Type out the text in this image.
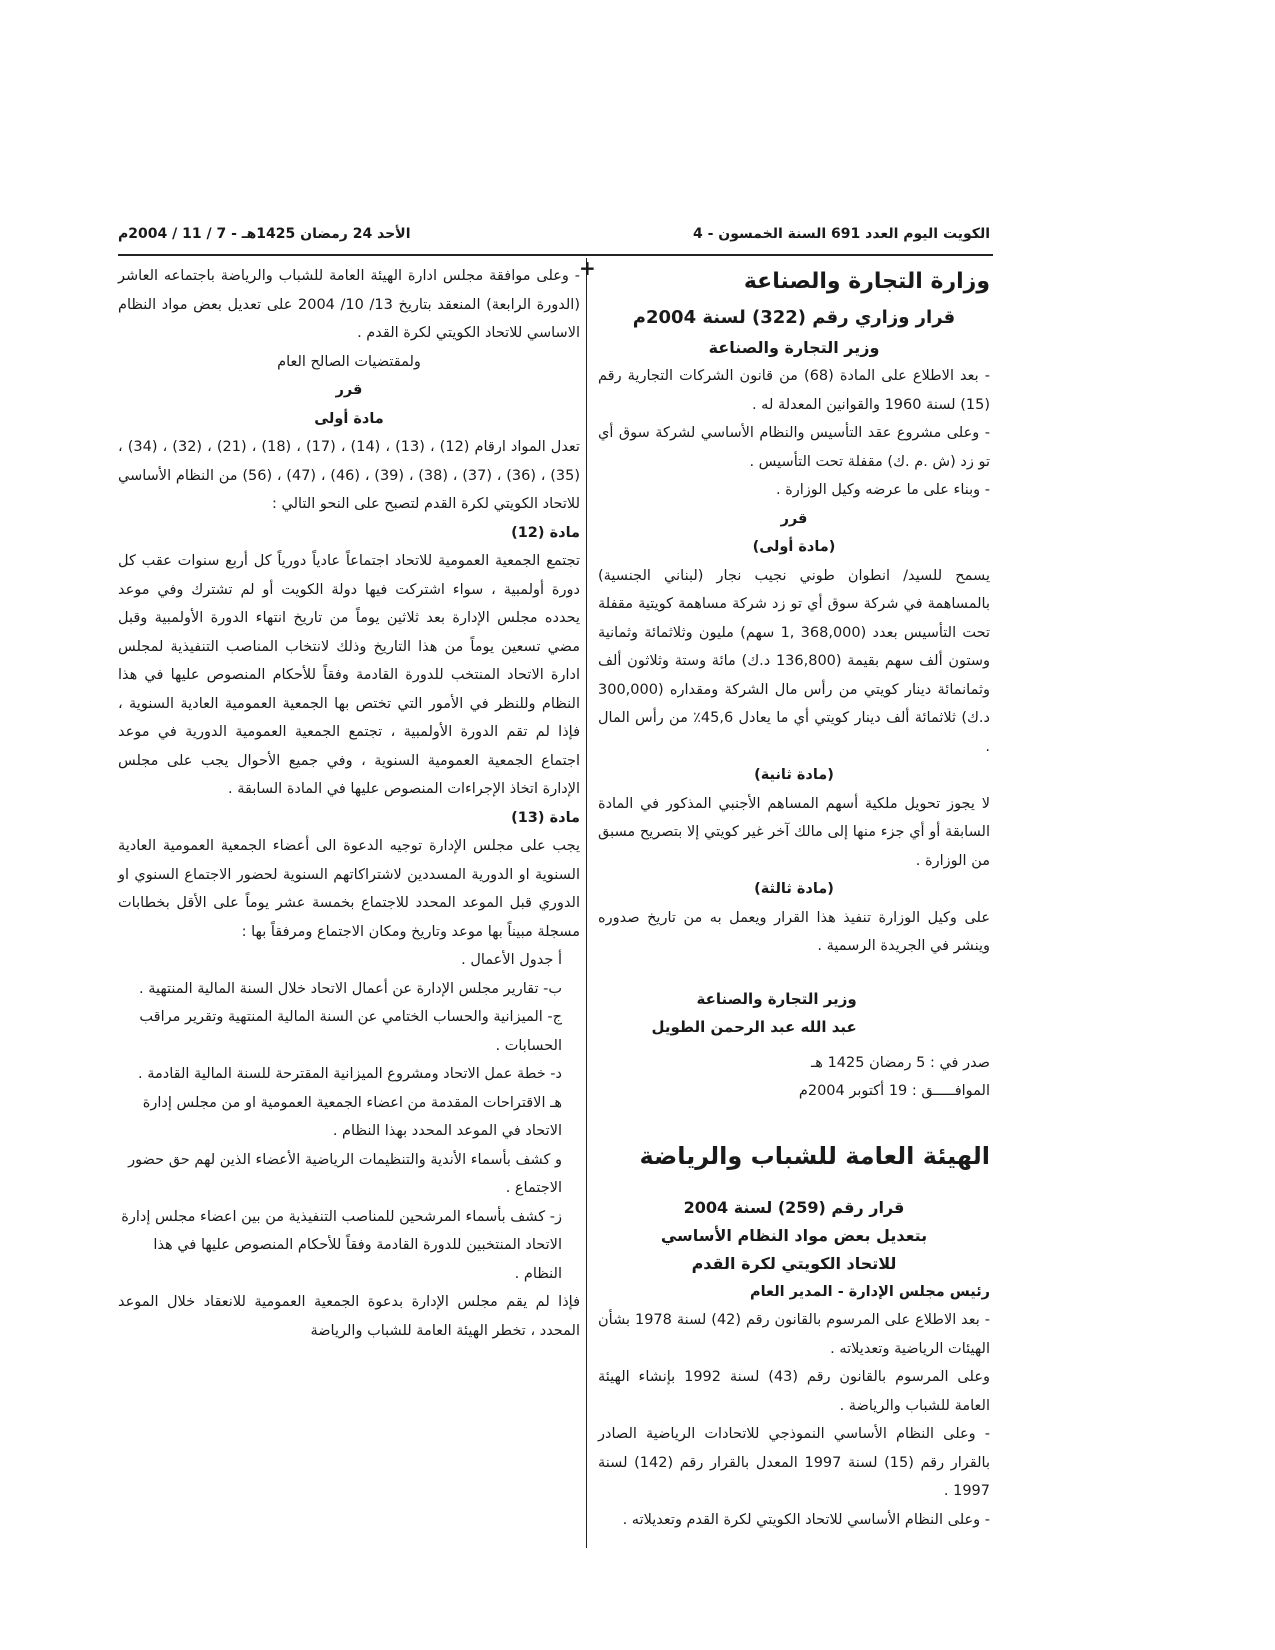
الأحد 24 رمضان 1425هـ - 7 / 11 / 2004م	الكويت اليوم العدد 691 السنة الخمسون - 4
+
وزارة التجارة والصناعة
قرار وزاري رقم (322) لسنة 2004م
وزير التجارة والصناعة

- بعد الاطلاع على المادة (68) من قانون الشركات التجارية رقم (15) لسنة 1960 والقوانين المعدلة له .

- وعلى مشروع عقد التأسيس والنظام الأساسي لشركة سوق أي تو زد (ش .م .ك) مقفلة تحت التأسيس .

- وبناء على ما عرضه وكيل الوزارة .

قرر
(مادة أولى)

يسمح للسيد/ انطوان طوني نجيب نجار (لبناني الجنسية) بالمساهمة في شركة سوق أي تو زد شركة مساهمة كويتية مقفلة تحت التأسيس بعدد (368,000 ,1 سهم) مليون وثلاثمائة وثمانية وستون ألف سهم بقيمة (136,800 د.ك) مائة وستة وثلاثون ألف وثمانمائة دينار كويتي من رأس مال الشركة ومقداره (300,000 د.ك) ثلاثمائة ألف دينار كويتي أي ما يعادل 45,6٪ من رأس المال .

(مادة ثانية)

لا يجوز تحويل ملكية أسهم المساهم الأجنبي المذكور في المادة السابقة أو أي جزء منها إلى مالك آخر غير كويتي إلا بتصريح مسبق من الوزارة .

(مادة ثالثة)

على وكيل الوزارة تنفيذ هذا القرار ويعمل به من تاريخ صدوره وينشر في الجريدة الرسمية .

وزير التجارة والصناعة
عبد الله عبد الرحمن الطويل

صدر في : 5 رمضان 1425 هـ

الموافـــــق : 19 أكتوبر 2004م

الهيئة العامة للشباب والرياضة
قرار رقم (259) لسنة 2004
بتعديل بعض مواد النظام الأساسي
للاتحاد الكويتي لكرة القدم
رئيس مجلس الإدارة - المدير العام

- بعد الاطلاع على المرسوم بالقانون رقم (42) لسنة 1978 بشأن الهيئات الرياضية وتعديلاته .

وعلى المرسوم بالقانون رقم (43) لسنة 1992 بإنشاء الهيئة العامة للشباب والرياضة .

- وعلى النظام الأساسي النموذجي للاتحادات الرياضية الصادر بالقرار رقم (15) لسنة 1997 المعدل بالقرار رقم (142) لسنة 1997 .

- وعلى النظام الأساسي للاتحاد الكويتي لكرة القدم وتعديلاته .

- وعلى موافقة مجلس ادارة الهيئة العامة للشباب والرياضة باجتماعه العاشر (الدورة الرابعة) المنعقد بتاريخ 13/ 10/ 2004 على تعديل بعض مواد النظام الاساسي للاتحاد الكويتي لكرة القدم .

ولمقتضيات الصالح العام
قرر
مادة أولى

تعدل المواد ارقام (12) ، (13) ، (14) ، (17) ، (18) ، (21) ، (32) ، (34) ، (35) ، (36) ، (37) ، (38) ، (39) ، (46) ، (47) ، (56) من النظام الأساسي للاتحاد الكويتي لكرة القدم لتصبح على النحو التالي :

مادة (12)

تجتمع الجمعية العمومية للاتحاد اجتماعاً عادياً دورياً كل أربع سنوات عقب كل دورة أولمبية ، سواء اشتركت فيها دولة الكويت أو لم تشترك وفي موعد يحدده مجلس الإدارة بعد ثلاثين يوماً من تاريخ انتهاء الدورة الأولمبية وقبل مضي تسعين يوماً من هذا التاريخ وذلك لانتخاب المناصب التنفيذية لمجلس ادارة الاتحاد المنتخب للدورة القادمة وفقاً للأحكام المنصوص عليها في هذا النظام وللنظر في الأمور التي تختص بها الجمعية العمومية العادية السنوية ، فإذا لم تقم الدورة الأولمبية ، تجتمع الجمعية العمومية الدورية في موعد اجتماع الجمعية العمومية السنوية ، وفي جميع الأحوال يجب على مجلس الإدارة اتخاذ الإجراءات المنصوص عليها في المادة السابقة .

مادة (13)

يجب على مجلس الإدارة توجيه الدعوة الى أعضاء الجمعية العمومية العادية السنوية او الدورية المسددين لاشتراكاتهم السنوية لحضور الاجتماع السنوي او الدوري قبل الموعد المحدد للاجتماع بخمسة عشر يوماً على الأقل بخطابات مسجلة مبيناً بها موعد وتاريخ ومكان الاجتماع ومرفقاً بها :

أ جدول الأعمال .

ب- تقارير مجلس الإدارة عن أعمال الاتحاد خلال السنة المالية المنتهية .

ج- الميزانية والحساب الختامي عن السنة المالية المنتهية وتقرير مراقب الحسابات .

د- خطة عمل الاتحاد ومشروع الميزانية المقترحة للسنة المالية القادمة .

هـ الاقتراحات المقدمة من اعضاء الجمعية العمومية او من مجلس إدارة الاتحاد في الموعد المحدد بهذا النظام .

و كشف بأسماء الأندية والتنظيمات الرياضية الأعضاء الذين لهم حق حضور الاجتماع .

ز- كشف بأسماء المرشحين للمناصب التنفيذية من بين اعضاء مجلس إدارة الاتحاد المنتخبين للدورة القادمة وفقاً للأحكام المنصوص عليها في هذا النظام .

فإذا لم يقم مجلس الإدارة بدعوة الجمعية العمومية للانعقاد خلال الموعد المحدد ، تخطر الهيئة العامة للشباب والرياضة
